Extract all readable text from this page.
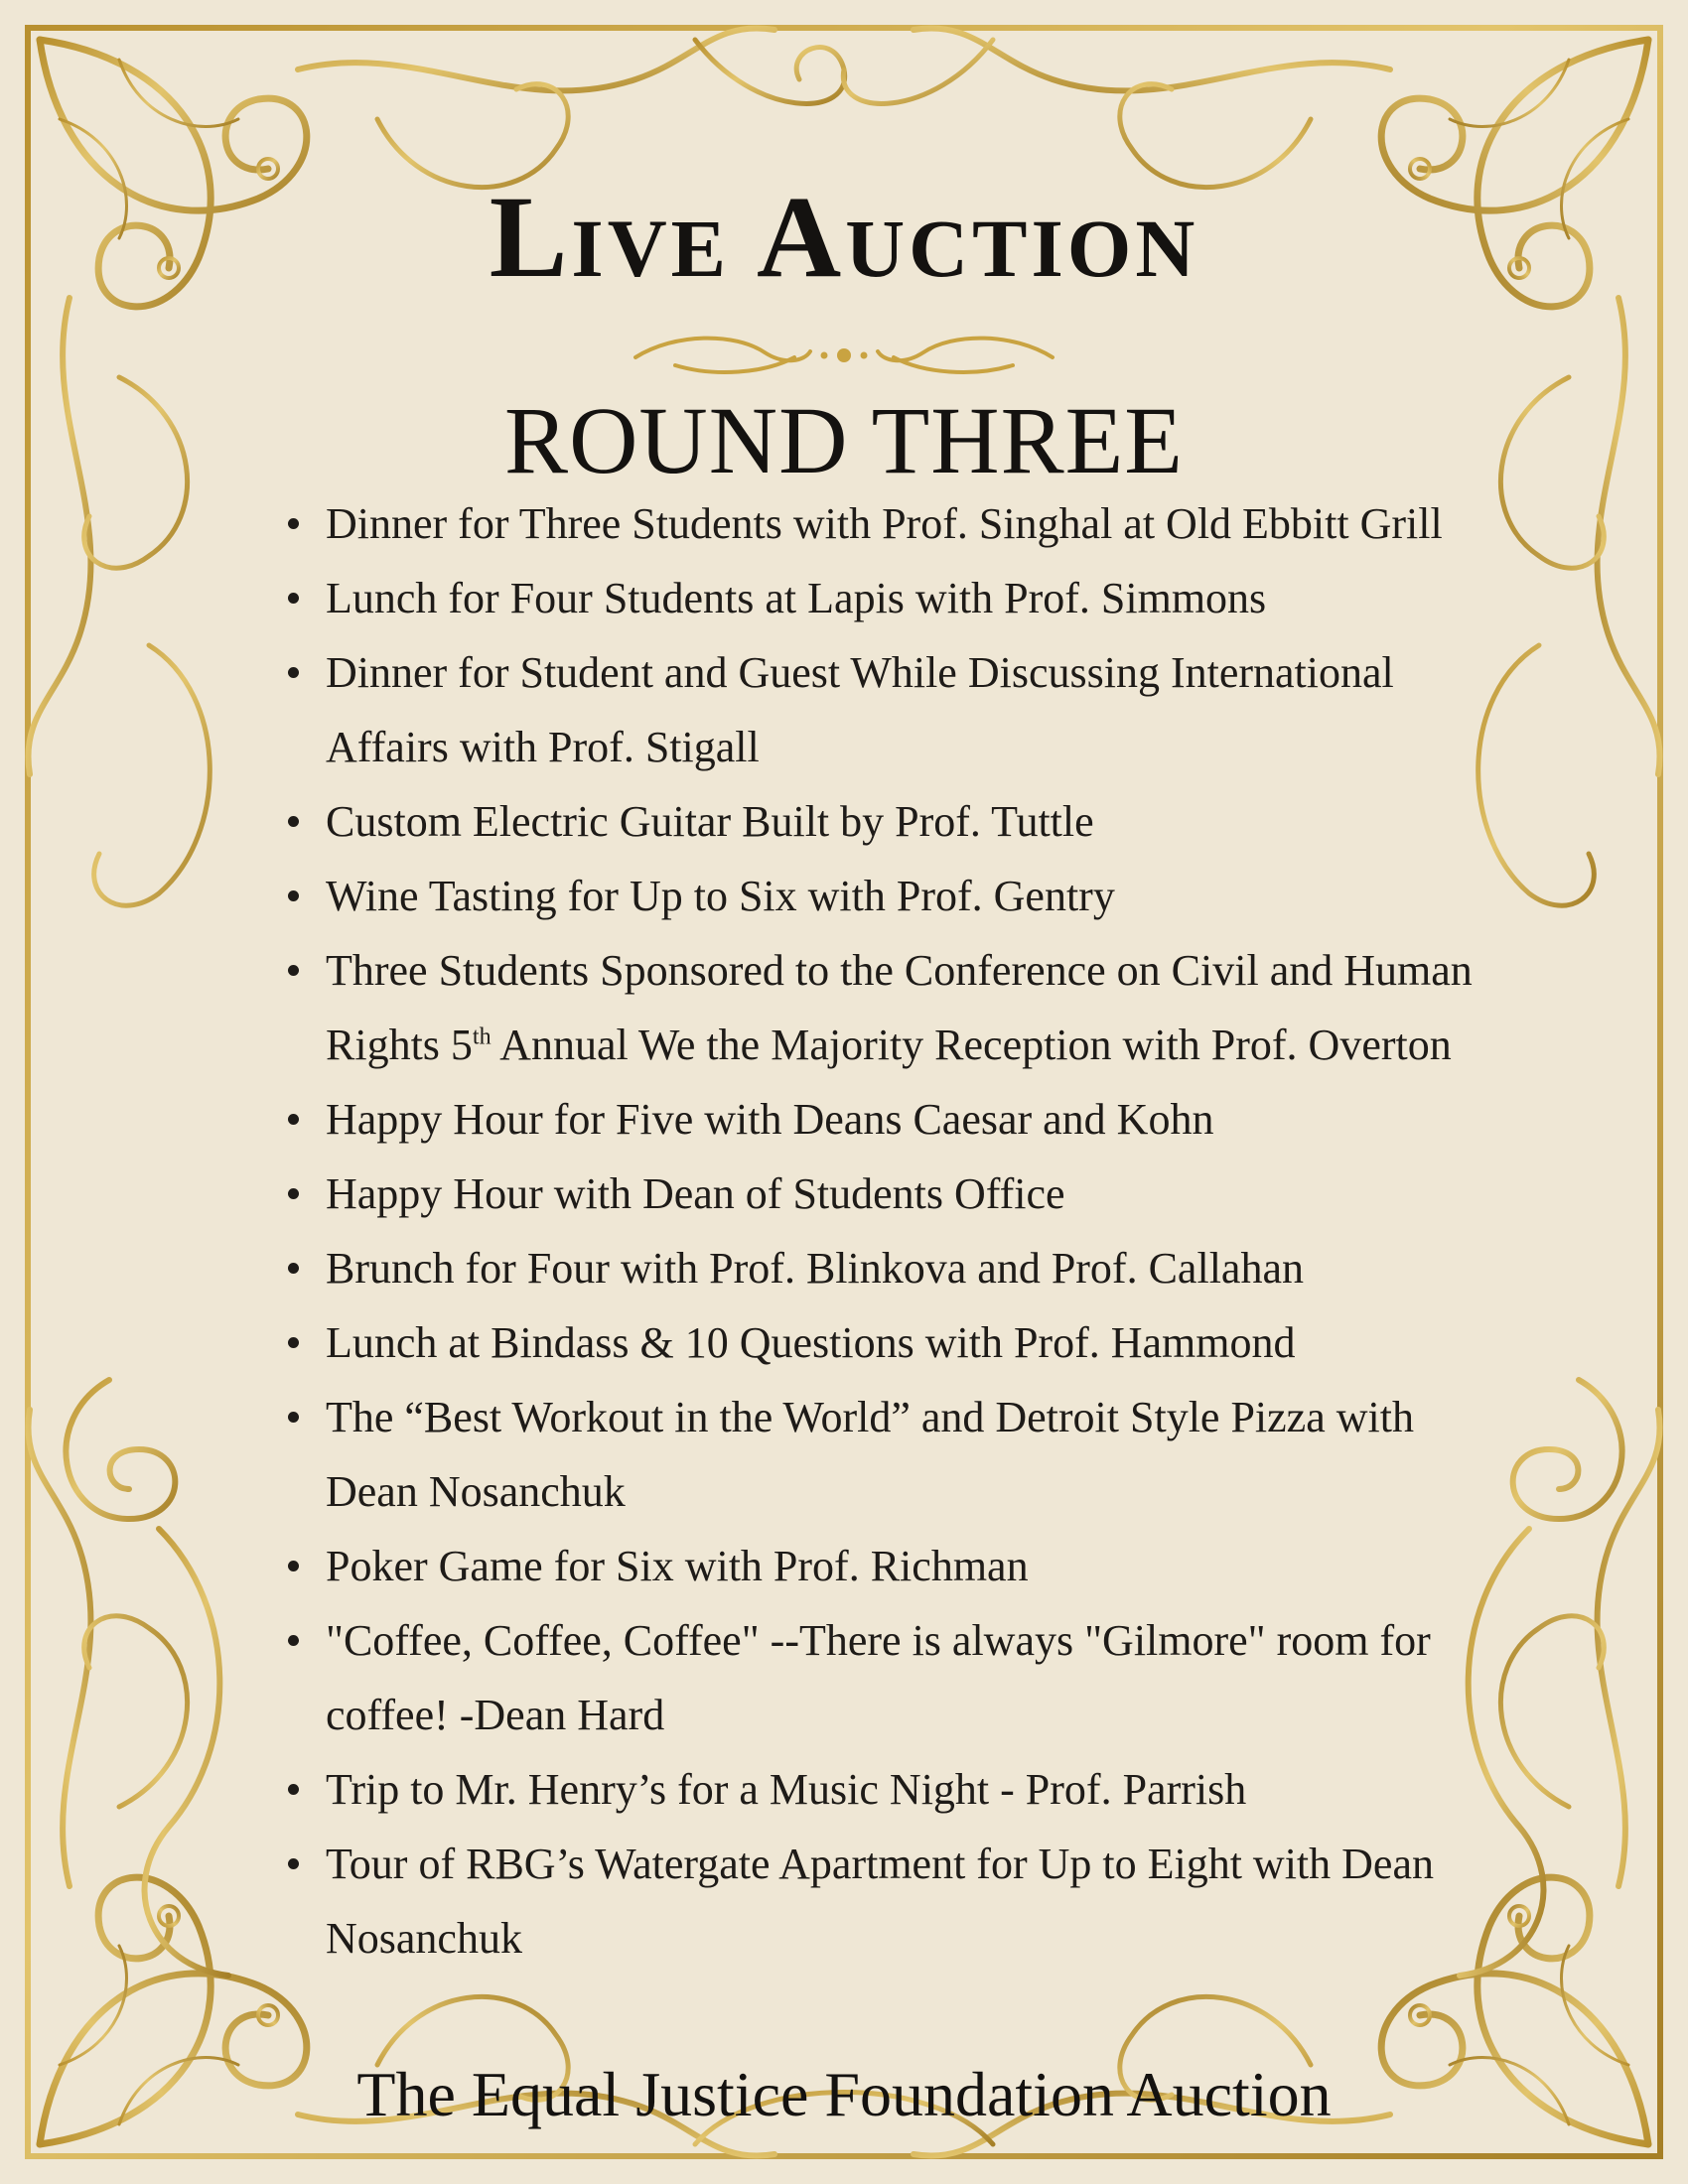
Live Auction
ROUND THREE
Dinner for Three Students with Prof. Singhal at Old Ebbitt Grill
Lunch for Four Students at Lapis with Prof. Simmons
Dinner for Student and Guest While Discussing International Affairs with Prof. Stigall
Custom Electric Guitar Built by Prof. Tuttle
Wine Tasting for Up to Six with Prof. Gentry
Three Students Sponsored to the Conference on Civil and Human Rights 5th Annual We the Majority Reception with Prof. Overton
Happy Hour for Five with Deans Caesar and Kohn
Happy Hour with Dean of Students Office
Brunch for Four with Prof. Blinkova and Prof. Callahan
Lunch at Bindass & 10 Questions with Prof. Hammond
The “Best Workout in the World” and Detroit Style Pizza with Dean Nosanchuk
Poker Game for Six with Prof. Richman
"Coffee, Coffee, Coffee" --There is always "Gilmore" room for coffee! -Dean Hard
Trip to Mr. Henry’s for a Music Night - Prof. Parrish
Tour of RBG’s Watergate Apartment for Up to Eight with Dean Nosanchuk
The Equal Justice Foundation Auction
